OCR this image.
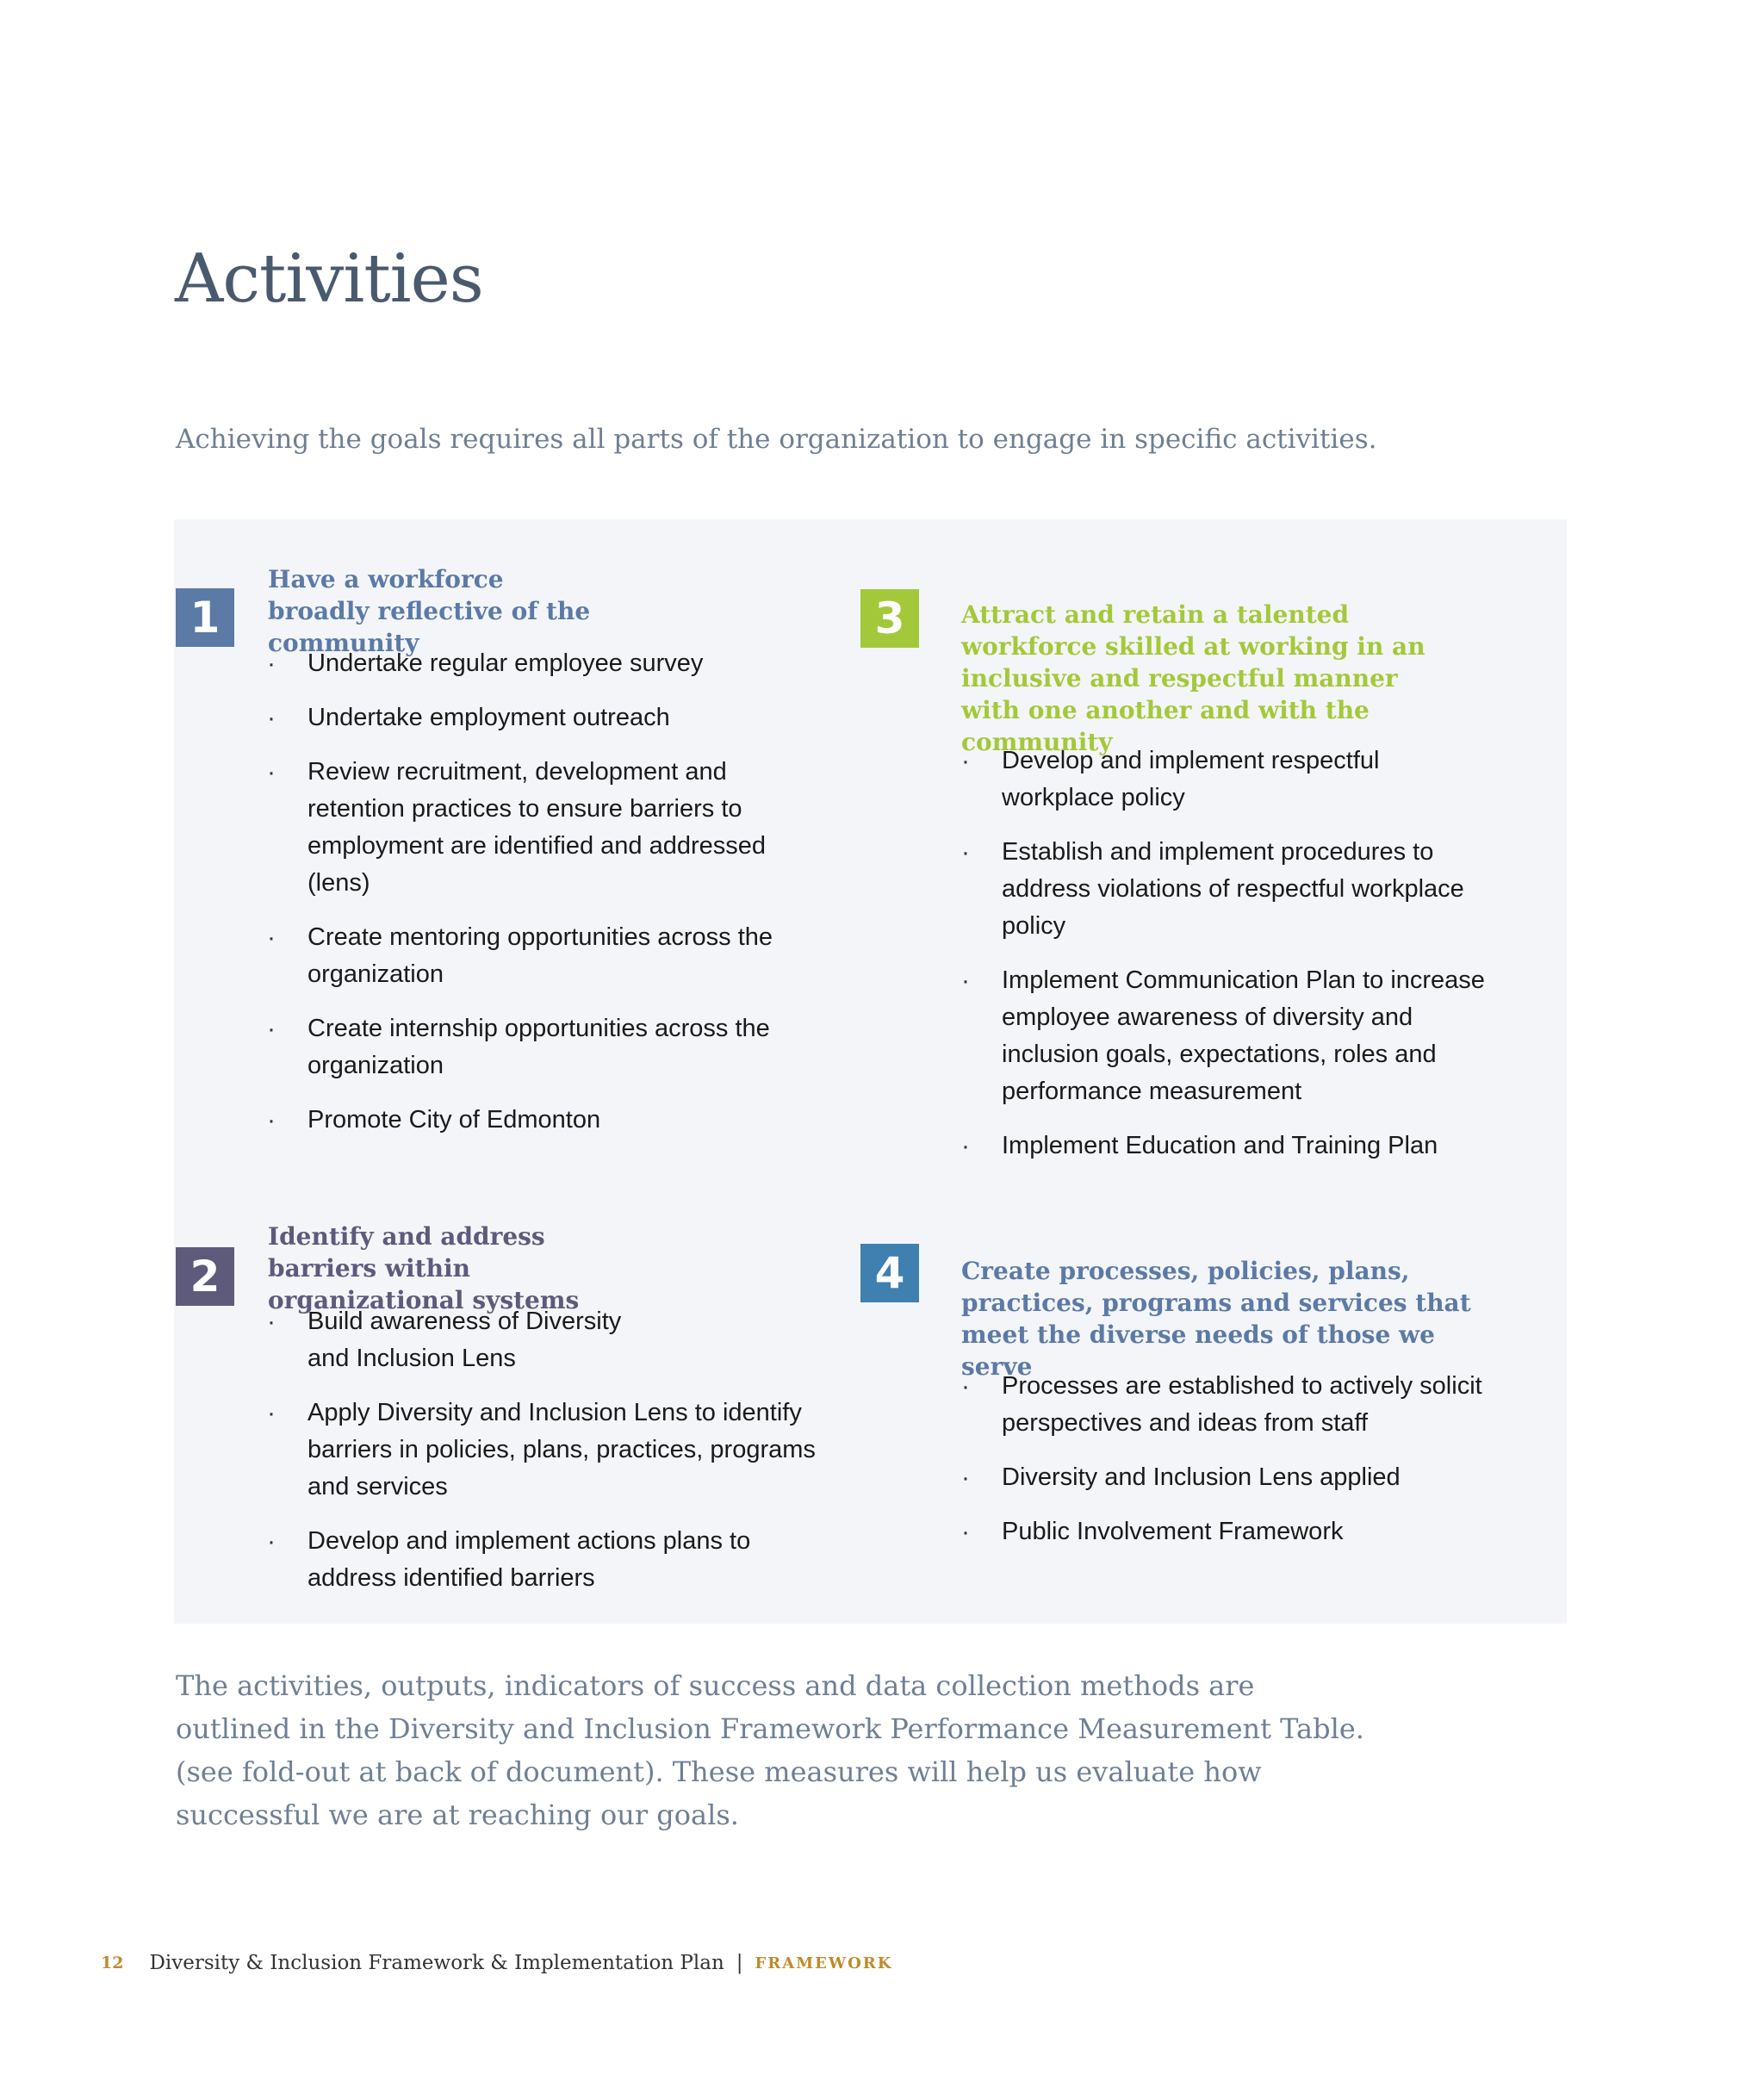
Activities

Achieving the goals requires all parts of the organization to engage in specific activities.

1
Have a workforce broadly reflective of the community
· Undertake regular employee survey
· Undertake employment outreach
· Review recruitment, development and retention practices to ensure barriers to employment are identified and addressed (lens)
· Create mentoring opportunities across the organization
· Create internship opportunities across the organization
· Promote City of Edmonton
2
Identify and address barriers within organizational systems
· Build awareness of Diversity and Inclusion Lens
· Apply Diversity and Inclusion Lens to identify barriers in policies, plans, practices, programs and services
· Develop and implement actions plans to address identified barriers
3	Attract and retain a talented workforce skilled at working in an inclusive and respectful manner with one another and with the community
· Develop and implement respectful workplace policy
· Establish and implement procedures to address violations of respectful workplace policy
· Implement Communication Plan to increase employee awareness of diversity and inclusion goals, expectations, roles and performance measurement
· Implement Education and Training Plan
4	Create processes, policies, plans, practices, programs and services that meet the diverse needs of those we serve
· Processes are established to actively solicit perspectives and ideas from staff
· Diversity and Inclusion Lens applied
· Public Involvement Framework

The activities, outputs, indicators of success and data collection methods are outlined in the Diversity and Inclusion Framework Performance Measurement Table. (see fold-out at back of document). These measures will help us evaluate how successful we are at reaching our goals.

12 Diversity & Inclusion Framework & Implementation Plan | FRAMEWORK
